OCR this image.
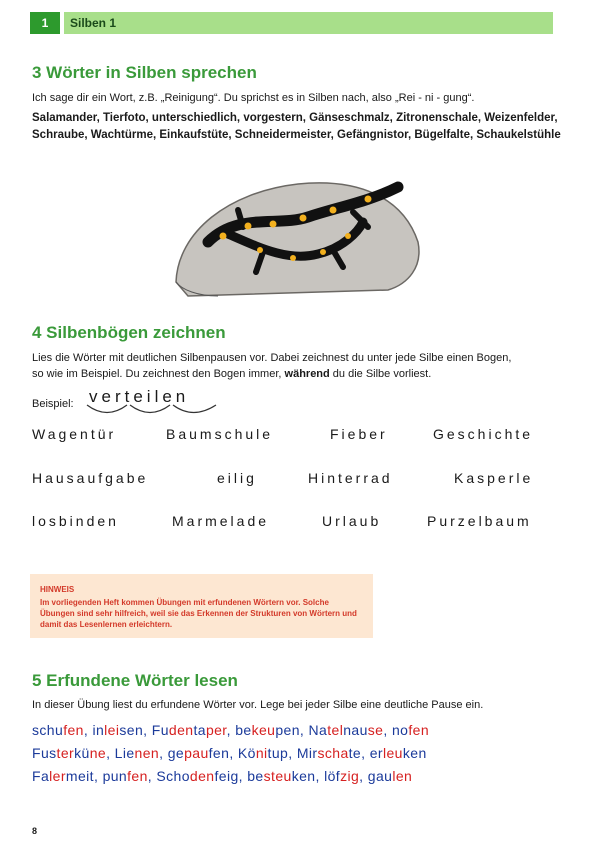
1	Silben 1
3 Wörter in Silben sprechen
Ich sage dir ein Wort, z.B. „Reinigung“. Du sprichst es in Silben nach, also „Rei - ni - gung“.
Salamander, Tierfoto, unterschiedlich, vorgestern, Gänseschmalz, Zitronenschale, Weizenfelder, Schraube, Wachtürme, Einkaufstüte, Schneidermeister, Gefängnistor, Bügelfalte, Schaukelstühle
4 Silbenbögen zeichnen
Lies die Wörter mit deutlichen Silbenpausen vor. Dabei zeichnest du unter jede Silbe einen Bogen,
so wie im Beispiel. Du zeichnest den Bogen immer, während du die Silbe vorliest.
Beispiel: verteilen
Wagentür	Baumschule	Fieber	Geschichte
Hausaufgabe	eilig	Hinterrad	Kasperle
losbinden	Marmelade	Urlaub	Purzelbaum
HINWEIS
Im vorliegenden Heft kommen Übungen mit erfundenen Wörtern vor. Solche Übungen sind sehr hilfreich, weil sie das Erkennen der Strukturen von Wörtern und damit das Lesenlernen erleichtern.
5 Erfundene Wörter lesen
In dieser Übung liest du erfundene Wörter vor. Lege bei jeder Silbe eine deutliche Pause ein.
schufen, inleisen, Fudentaper, bekeupen, Natelnause, nofen
Fusterküne, Lienen, gepaufen, Könitup, Mirschate, erleuken
Falermeit, punfen, Schodenfeig, besteuken, löfzig, gaulen
8
